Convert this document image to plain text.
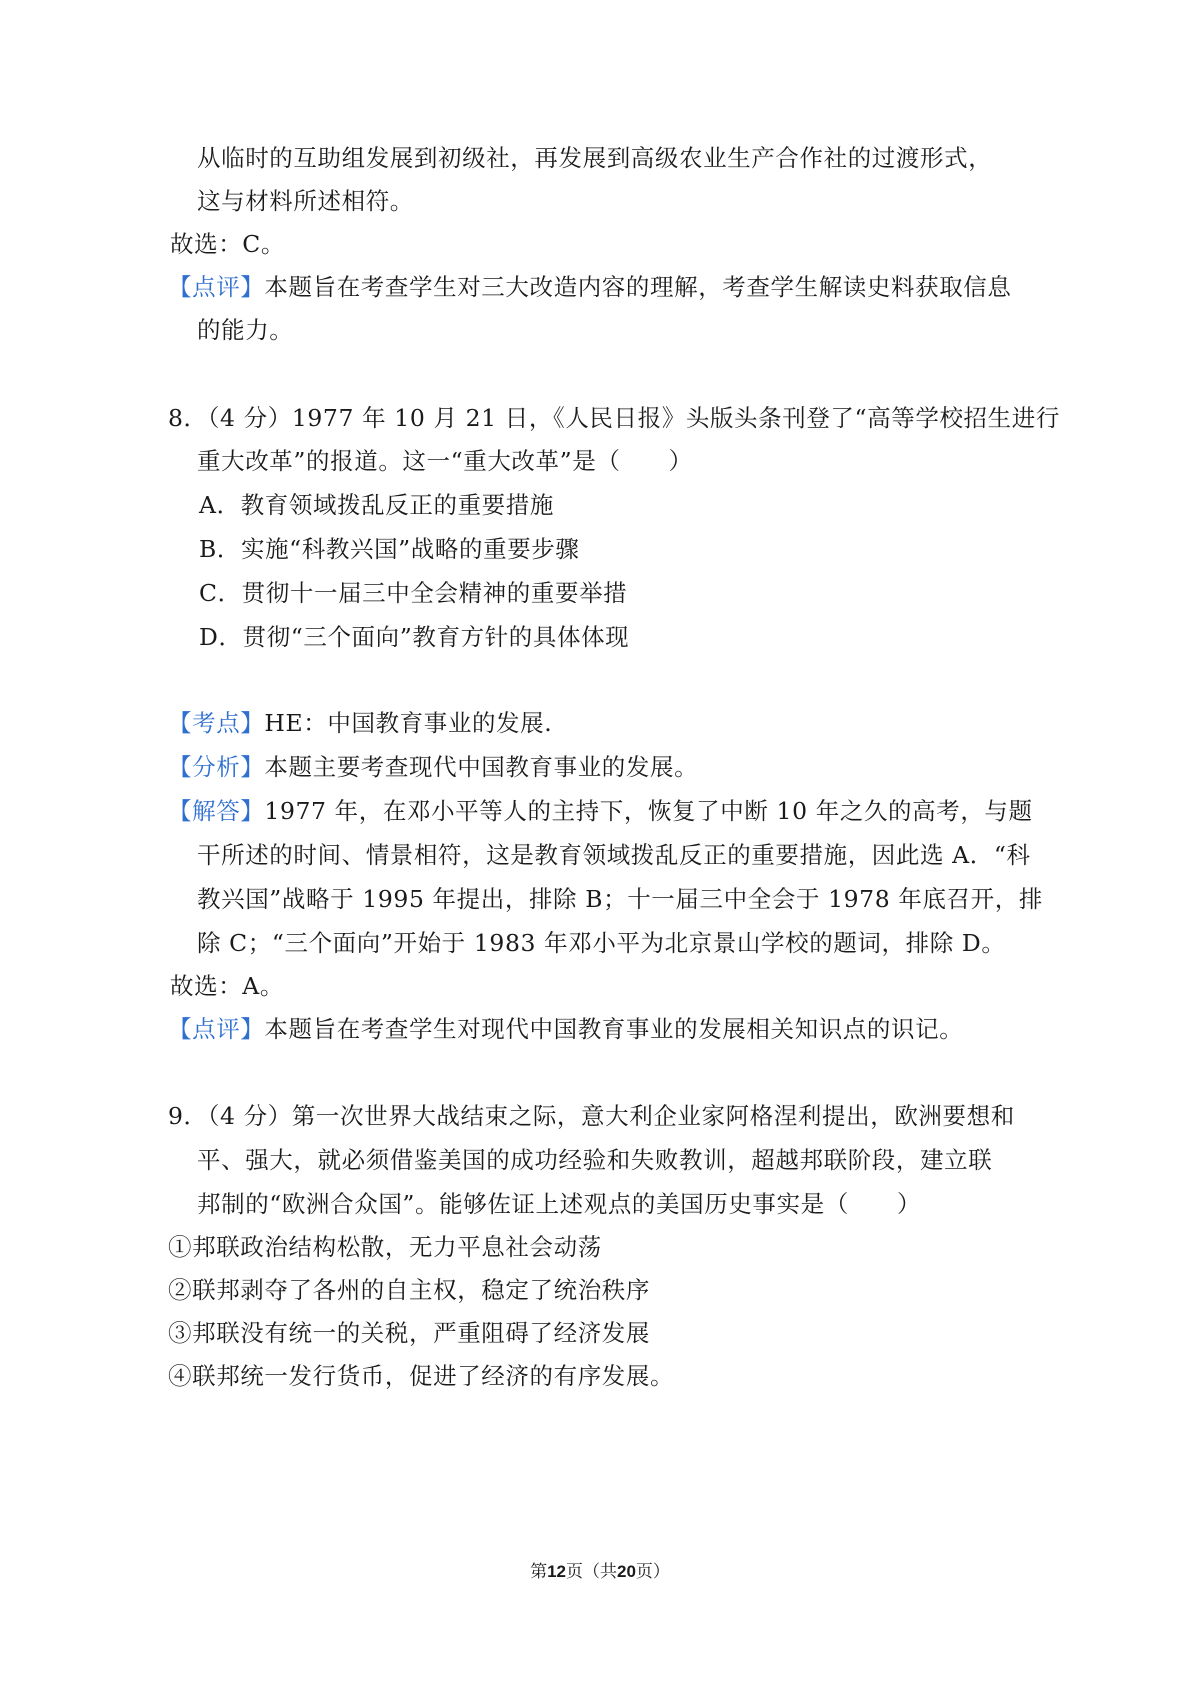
从临时的互助组发展到初级社，再发展到高级农业生产合作社的过渡形式，
这与材料所述相符。
故选：C。
【点评】本题旨在考查学生对三大改造内容的理解，考查学生解读史料获取信息
的能力。
8．（4 分）1977 年 10 月 21 日，《人民日报》头版头条刊登了“高等学校招生进行
重大改革”的报道。这一“重大改革”是（　　）
A．教育领域拨乱反正的重要措施
B．实施“科教兴国”战略的重要步骤
C．贯彻十一届三中全会精神的重要举措
D．贯彻“三个面向”教育方针的具体体现
【考点】HE：中国教育事业的发展.
【分析】本题主要考查现代中国教育事业的发展。
【解答】1977 年，在邓小平等人的主持下，恢复了中断 10 年之久的高考，与题
干所述的时间、情景相符，这是教育领域拨乱反正的重要措施，因此选 A．“科
教兴国”战略于 1995 年提出，排除 B；十一届三中全会于 1978 年底召开，排
除 C；“三个面向”开始于 1983 年邓小平为北京景山学校的题词，排除 D。
故选：A。
【点评】本题旨在考查学生对现代中国教育事业的发展相关知识点的识记。
9．（4 分）第一次世界大战结束之际，意大利企业家阿格涅利提出，欧洲要想和
平、强大，就必须借鉴美国的成功经验和失败教训，超越邦联阶段，建立联
邦制的“欧洲合众国”。能够佐证上述观点的美国历史事实是（　　）
①邦联政治结构松散，无力平息社会动荡
②联邦剥夺了各州的自主权，稳定了统治秩序
③邦联没有统一的关税，严重阻碍了经济发展
④联邦统一发行货币，促进了经济的有序发展。
第12页（共20页）
